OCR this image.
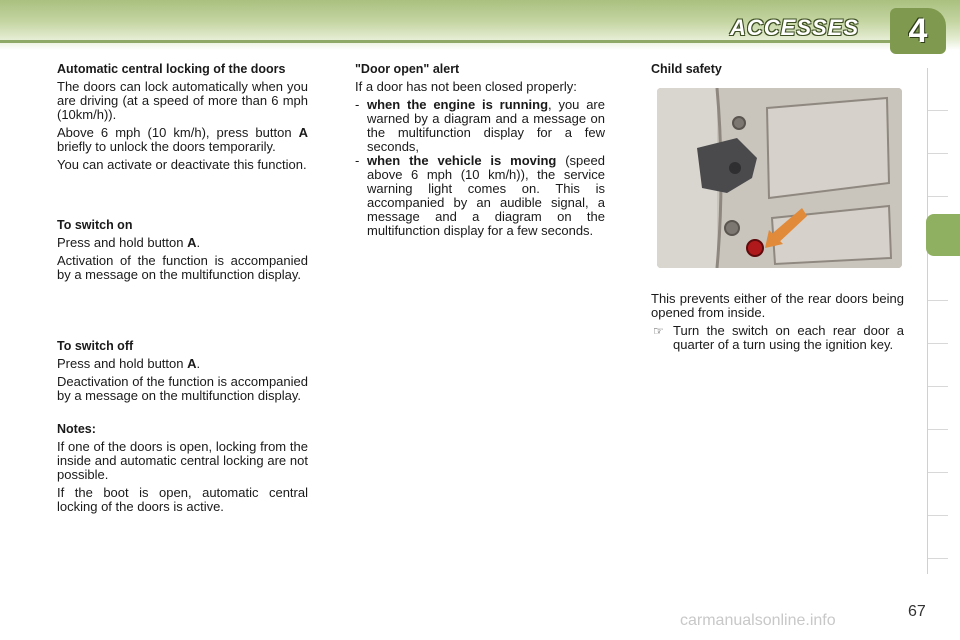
ACCESSES	4
Automatic central locking of the doors

The doors can lock automatically when you are driving (at a speed of more than 6 mph (10km/h)).

Above 6 mph (10 km/h), press button A briefly to unlock the doors temporarily.

You can activate or deactivate this function.

To switch on

Press and hold button A.

Activation of the function is accompanied by a message on the multifunction display.

To switch off

Press and hold button A.

Deactivation of the function is accompanied by a message on the multifunction display.

Notes:

If one of the doors is open, locking from the inside and automatic central locking are not possible.

If the boot is open, automatic central locking of the doors is active.

"Door open" alert

If a door has not been closed properly:

- when the engine is running, you are warned by a diagram and a message on the multifunction display for a few seconds,
- when the vehicle is moving (speed above 6 mph (10 km/h)), the service warning light comes on. This is accompanied by an audible signal, a message and a diagram on the multifunction display for a few seconds.
Child safety

This prevents either of the rear doors being opened from inside.

☞ Turn the switch on each rear door a quarter of a turn using the ignition key.
carmanualsonline.info
67
